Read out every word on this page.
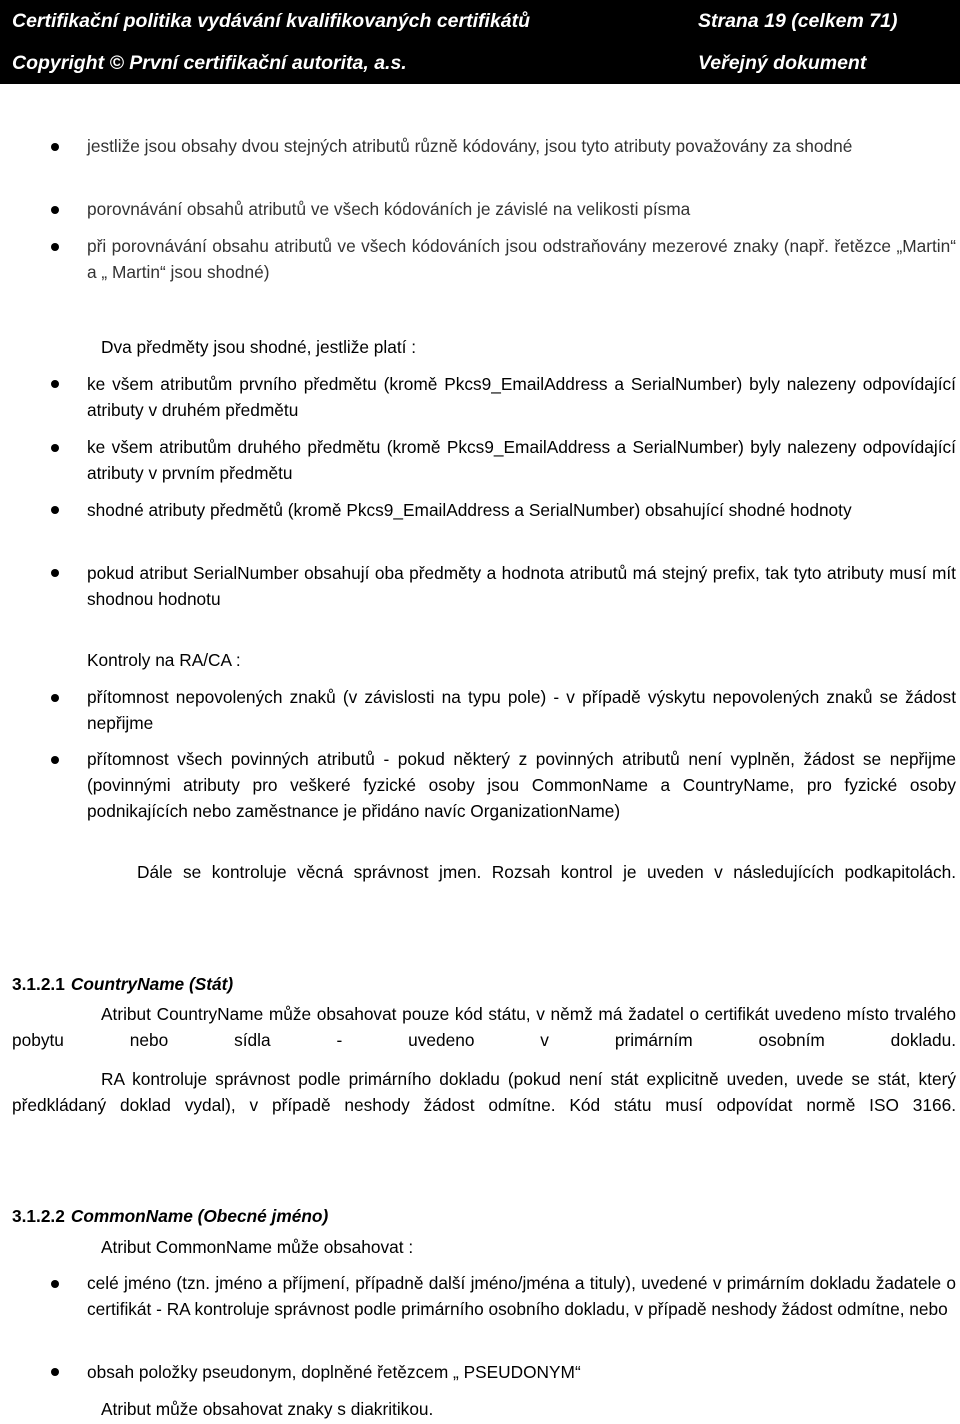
Certifikační politika vydávání kvalifikovaných certifikátů	Strana 19 (celkem 71)
Copyright © První certifikační autorita, a.s.	Veřejný dokument
jestliže jsou obsahy dvou stejných atributů různě kódovány, jsou tyto atributy považovány za shodné
porovnávání obsahů atributů ve všech kódováních je závislé na velikosti písma
při porovnávání obsahu atributů ve všech kódováních jsou odstraňovány mezerové znaky (např. řetězce „Martin“ a „ Martin“ jsou shodné)
Dva předměty jsou shodné, jestliže platí :
ke všem atributům prvního předmětu (kromě Pkcs9_EmailAddress a SerialNumber) byly nalezeny odpovídající atributy v druhém předmětu
ke všem atributům druhého předmětu (kromě Pkcs9_EmailAddress a SerialNumber) byly nalezeny odpovídající atributy v prvním předmětu
shodné atributy předmětů (kromě Pkcs9_EmailAddress a SerialNumber) obsahující shodné hodnoty
pokud atribut SerialNumber obsahují oba předměty a hodnota atributů má stejný prefix, tak tyto atributy musí mít shodnou hodnotu
Kontroly na RA/CA :
přítomnost nepovolených znaků (v závislosti na typu pole) - v případě výskytu nepovolených znaků se žádost nepřijme
přítomnost všech povinných atributů - pokud některý z povinných atributů není vyplněn, žádost se nepřijme (povinnými atributy pro veškeré fyzické osoby jsou CommonName a CountryName, pro fyzické osoby podnikajících nebo zaměstnance je přidáno navíc OrganizationName)
Dále se kontroluje věcná správnost jmen. Rozsah kontrol je uveden v následujících podkapitolách.
3.1.2.1 CountryName (Stát)
Atribut CountryName může obsahovat pouze kód státu, v němž má žadatel o certifikát uvedeno místo trvalého pobytu nebo sídla - uvedeno v primárním osobním dokladu.
RA kontroluje správnost podle primárního dokladu (pokud není stát explicitně uveden, uvede se stát, který předkládaný doklad vydal), v případě neshody žádost odmítne. Kód státu musí odpovídat normě ISO 3166.
3.1.2.2 CommonName (Obecné jméno)
Atribut CommonName může obsahovat :
celé jméno (tzn. jméno a příjmení, případně další jméno/jména a tituly), uvedené v primárním dokladu žadatele o certifikát - RA kontroluje správnost podle primárního osobního dokladu, v případě neshody žádost odmítne, nebo
obsah položky pseudonym, doplněné řetězcem „ PSEUDONYM“
Atribut může obsahovat znaky s diakritikou.
